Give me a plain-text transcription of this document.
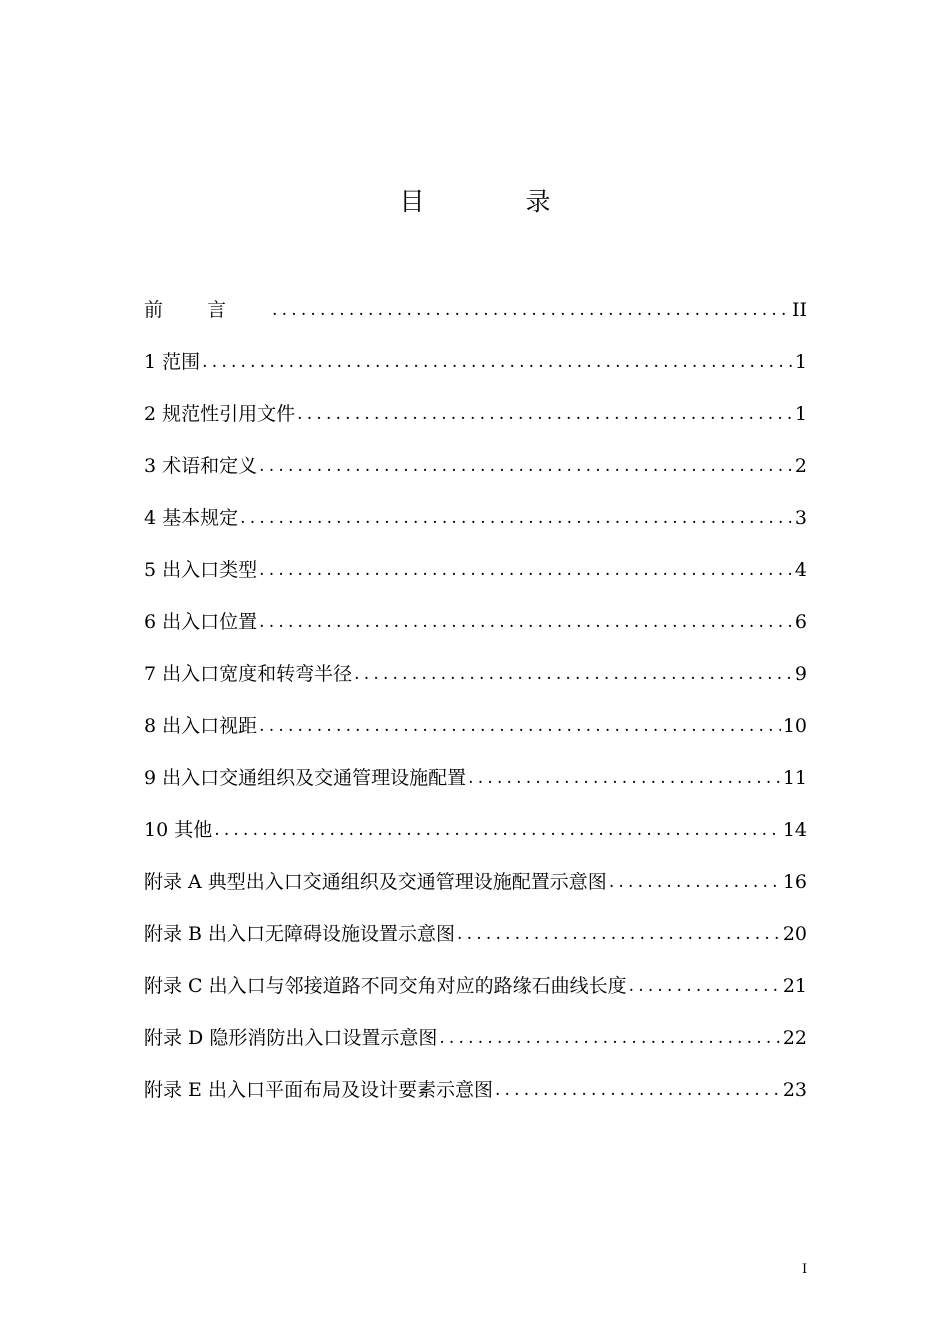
目　录
前言 .....	II
1 范围 .....	1
2 规范性引用文件 .....	1
3 术语和定义 .....	2
4 基本规定 .....	3
5 出入口类型 .....	4
6 出入口位置 .....	6
7 出入口宽度和转弯半径 .....	9
8 出入口视距 .....	10
9 出入口交通组织及交通管理设施配置 .....	11
10 其他 .....	14
附录 A 典型出入口交通组织及交通管理设施配置示意图 .....	16
附录 B 出入口无障碍设施设置示意图 .....	20
附录 C 出入口与邻接道路不同交角对应的路缘石曲线长度 .....	21
附录 D 隐形消防出入口设置示意图 .....	22
附录 E 出入口平面布局及设计要素示意图 .....	23
I
